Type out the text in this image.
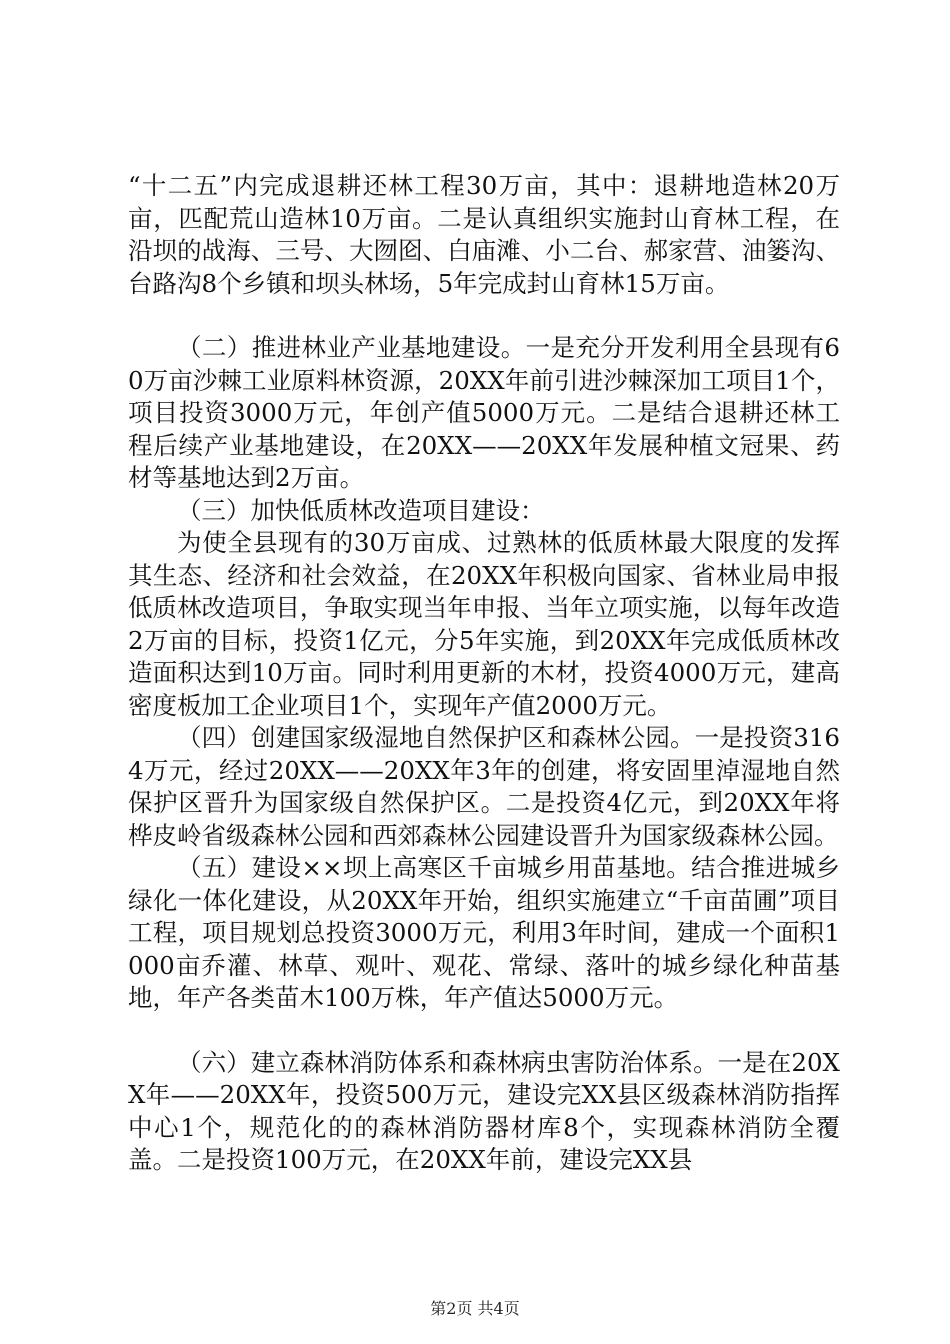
“十二五”内完成退耕还林工程30万亩，其中：退耕地造林20万亩，匹配荒山造林10万亩。二是认真组织实施封山育林工程，在沿坝的战海、三号、大囫囵、白庙滩、小二台、郝家营、油篓沟、台路沟8个乡镇和坝头林场，5年完成封山育林15万亩。

（二）推进林业产业基地建设。一是充分开发利用全县现有60万亩沙棘工业原料林资源，20XX年前引进沙棘深加工项目1个，项目投资3000万元，年创产值5000万元。二是结合退耕还林工程后续产业基地建设，在20XX——20XX年发展种植文冠果、药材等基地达到2万亩。

（三）加快低质林改造项目建设：

为使全县现有的30万亩成、过熟林的低质林最大限度的发挥其生态、经济和社会效益，在20XX年积极向国家、省林业局申报低质林改造项目，争取实现当年申报、当年立项实施，以每年改造2万亩的目标，投资1亿元，分5年实施，到20XX年完成低质林改造面积达到10万亩。同时利用更新的木材，投资4000万元，建高密度板加工企业项目1个，实现年产值2000万元。

（四）创建国家级湿地自然保护区和森林公园。一是投资3164万元，经过20XX——20XX年3年的创建，将安固里淖湿地自然保护区晋升为国家级自然保护区。二是投资4亿元，到20XX年将桦皮岭省级森林公园和西郊森林公园建设晋升为国家级森林公园。

（五）建设××坝上高寒区千亩城乡用苗基地。结合推进城乡绿化一体化建设，从20XX年开始，组织实施建立“千亩苗圃”项目工程，项目规划总投资3000万元，利用3年时间，建成一个面积1000亩乔灌、林草、观叶、观花、常绿、落叶的城乡绿化种苗基地，年产各类苗木100万株，年产值达5000万元。

（六）建立森林消防体系和森林病虫害防治体系。一是在20XX年——20XX年，投资500万元，建设完XX县区级森林消防指挥中心1个，规范化的的森林消防器材库8个，实现森林消防全覆盖。二是投资100万元，在20XX年前，建设完XX县

第2页 共4页
